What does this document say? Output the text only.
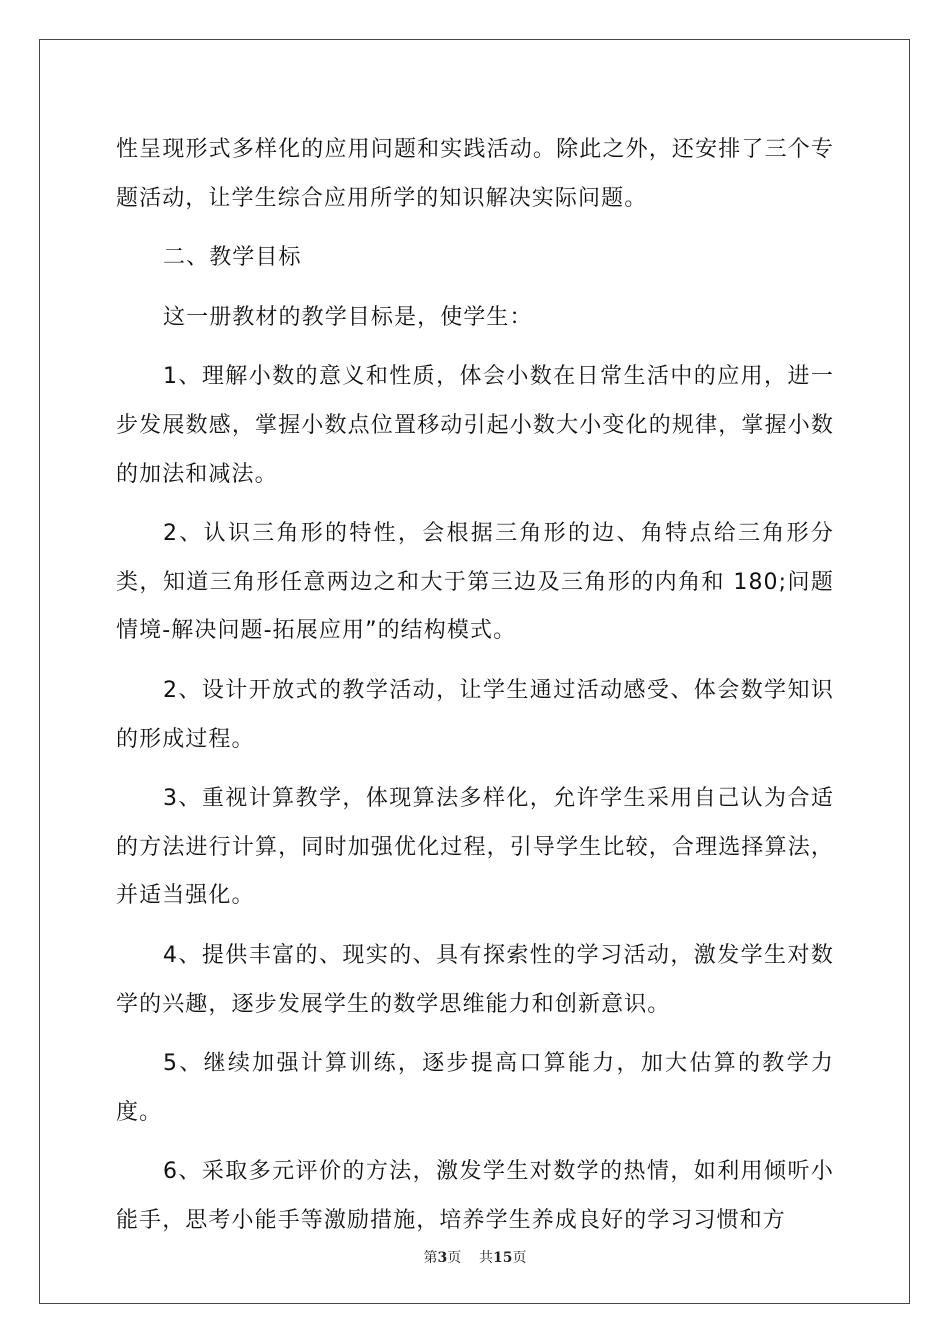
性呈现形式多样化的应用问题和实践活动。除此之外，还安排了三个专题活动，让学生综合应用所学的知识解决实际问题。

二、教学目标

这一册教材的教学目标是，使学生：

1、理解小数的意义和性质，体会小数在日常生活中的应用，进一步发展数感，掌握小数点位置移动引起小数大小变化的规律，掌握小数的加法和减法。

2、认识三角形的特性，会根据三角形的边、角特点给三角形分类，知道三角形任意两边之和大于第三边及三角形的内角和 180;问题情境-解决问题-拓展应用”的结构模式。

2、设计开放式的教学活动，让学生通过活动感受、体会数学知识的形成过程。

3、重视计算教学，体现算法多样化，允许学生采用自己认为合适的方法进行计算，同时加强优化过程，引导学生比较，合理选择算法，并适当强化。

4、提供丰富的、现实的、具有探索性的学习活动，激发学生对数学的兴趣，逐步发展学生的数学思维能力和创新意识。

5、继续加强计算训练，逐步提高口算能力，加大估算的教学力度。

6、采取多元评价的方法，激发学生对数学的热情，如利用倾听小能手，思考小能手等激励措施，培养学生养成良好的学习习惯和方

第3页    共15页
